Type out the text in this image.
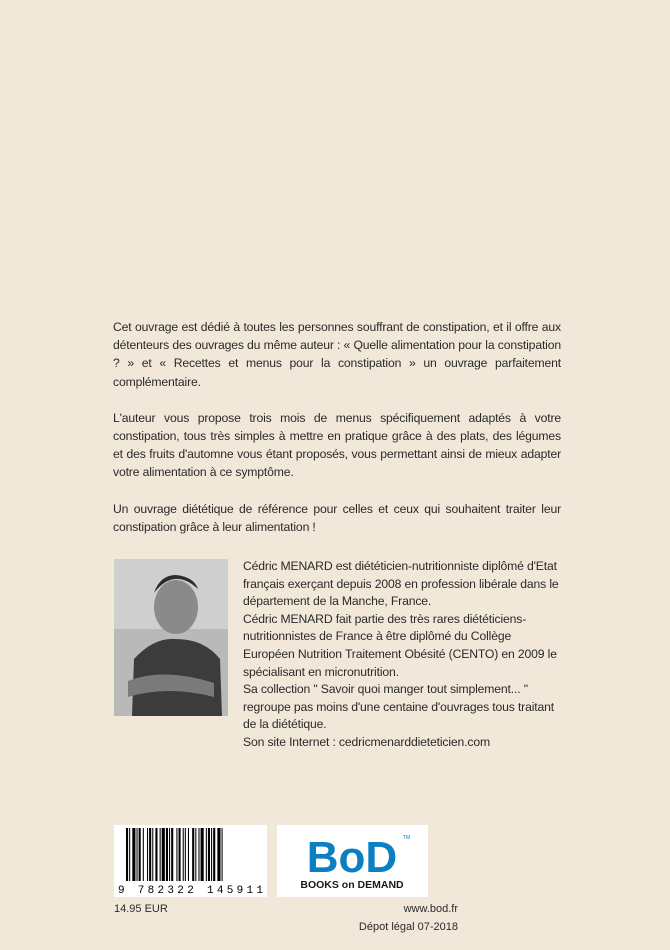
Cet ouvrage est dédié à toutes les personnes souffrant de constipation, et il offre aux détenteurs des ouvrages du même auteur : « Quelle alimentation pour la constipation ? » et « Recettes et menus pour la constipation » un ouvrage parfaitement complémentaire.

L'auteur vous propose trois mois de menus spécifiquement adaptés à votre constipation, tous très simples à mettre en pratique grâce à des plats, des légumes et des fruits d'automne vous étant proposés, vous permettant ainsi de mieux adapter votre alimentation à ce symptôme.

Un ouvrage diététique de référence pour celles et ceux qui souhaitent traiter leur constipation grâce à leur alimentation !

Cédric MENARD est diététicien-nutritionniste diplômé d'Etat français exerçant depuis 2008 en profession libérale dans le département de la Manche, France.

Cédric MENARD fait partie des très rares diététiciens-nutritionnistes de France à être diplômé du Collège Européen Nutrition Traitement Obésité (CENTO) en 2009 le spécialisant en micronutrition.

Sa collection " Savoir quoi manger tout simplement... " regroupe pas moins d'une centaine d'ouvrages tous traitant de la diététique.

Son site Internet : cedricmenarddieteticien.com

9 782322 145911
BoD TM
BOOKS on DEMAND
14.95 EUR	www.bod.fr
Dépot légal 07-2018
